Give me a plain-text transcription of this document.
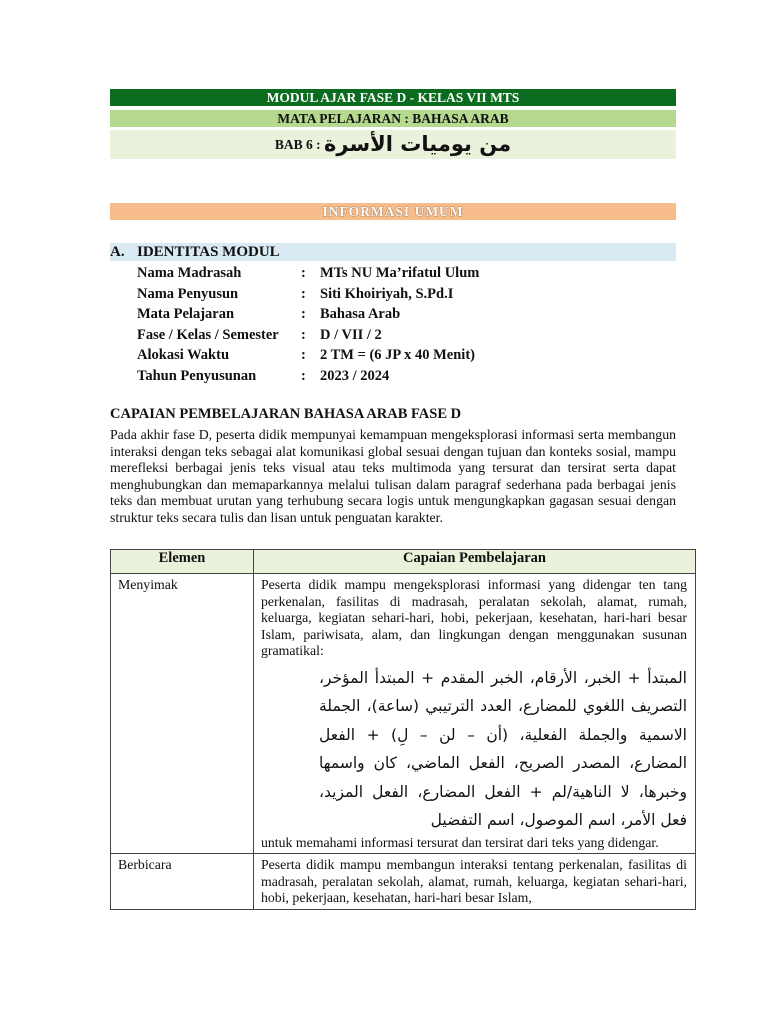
MODUL AJAR FASE D - KELAS VII MTS
MATA PELAJARAN : BAHASA ARAB
BAB 6 : من يوميات الأسرة
INFORMASI UMUM
A. IDENTITAS MODUL
Nama Madrasah	: MTs NU Ma’rifatul Ulum
Nama Penyusun	: Siti Khoiriyah, S.Pd.I
Mata Pelajaran	: Bahasa Arab
Fase / Kelas / Semester : D / VII / 2
Alokasi Waktu	: 2 TM = (6 JP x 40 Menit)
Tahun Penyusunan	: 2023 / 2024
CAPAIAN PEMBELAJARAN BAHASA ARAB FASE D
Pada akhir fase D, peserta didik mempunyai kemampuan mengeksplorasi informasi serta membangun interaksi dengan teks sebagai alat komunikasi global sesuai dengan tujuan dan konteks sosial, mampu merefleksi berbagai jenis teks visual atau teks multimoda yang tersurat dan tersirat serta dapat menghubungkan dan memaparkannya melalui tulisan dalam paragraf sederhana pada berbagai jenis teks dan membuat urutan yang terhubung secara logis untuk mengungkapkan gagasan sesuai dengan struktur teks secara tulis dan lisan untuk penguatan karakter.
Elemen	Capaian Pembelajaran
Menyimak	Peserta didik mampu mengeksplorasi informasi yang didengar ten tang perkenalan, fasilitas di madrasah, peralatan sekolah, alamat, rumah, keluarga, kegiatan sehari-hari, hobi, pekerjaan, kesehatan, hari-hari besar Islam, pariwisata, alam, dan lingkungan dengan menggunakan susunan gramatikal:
المبتدأ + الخبر، الأرقام، الخبر المقدم + المبتدأ المؤخر، التصريف اللغوي للمضارع، العدد الترتيبي (ساعة)، الجملة الاسمية والجملة الفعلية، (أن – لن – لِ) + الفعل المضارع، المصدر الصريح، الفعل الماضي، كان واسمها وخبرها، لا الناهية/لم + الفعل المضارع، الفعل المزيد، فعل الأمر، اسم الموصول، اسم التفضيل
untuk memahami informasi tersurat dan tersirat dari teks yang didengar.

Berbicara	Peserta didik mampu membangun interaksi tentang perkenalan, fasilitas di madrasah, peralatan sekolah, alamat, rumah, keluarga, kegiatan sehari-hari, hobi, pekerjaan, kesehatan, hari-hari besar Islam,
